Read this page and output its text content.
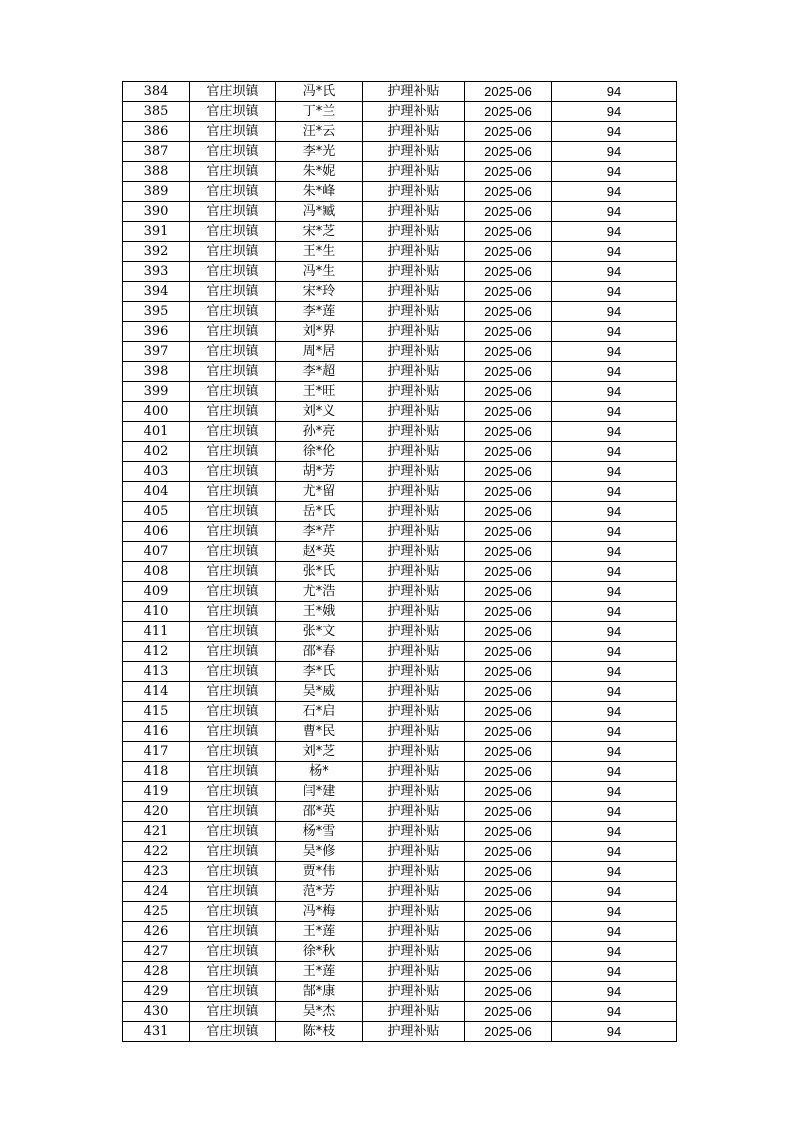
384	官庄坝镇	冯*氏	护理补贴	2025-06	94
385	官庄坝镇	丁*兰	护理补贴	2025-06	94
386	官庄坝镇	汪*云	护理补贴	2025-06	94
387	官庄坝镇	李*光	护理补贴	2025-06	94
388	官庄坝镇	朱*妮	护理补贴	2025-06	94
389	官庄坝镇	朱*峰	护理补贴	2025-06	94
390	官庄坝镇	冯*臧	护理补贴	2025-06	94
391	官庄坝镇	宋*芝	护理补贴	2025-06	94
392	官庄坝镇	王*生	护理补贴	2025-06	94
393	官庄坝镇	冯*生	护理补贴	2025-06	94
394	官庄坝镇	宋*玲	护理补贴	2025-06	94
395	官庄坝镇	李*莲	护理补贴	2025-06	94
396	官庄坝镇	刘*界	护理补贴	2025-06	94
397	官庄坝镇	周*居	护理补贴	2025-06	94
398	官庄坝镇	李*超	护理补贴	2025-06	94
399	官庄坝镇	王*旺	护理补贴	2025-06	94
400	官庄坝镇	刘*义	护理补贴	2025-06	94
401	官庄坝镇	孙*亮	护理补贴	2025-06	94
402	官庄坝镇	徐*伦	护理补贴	2025-06	94
403	官庄坝镇	胡*芳	护理补贴	2025-06	94
404	官庄坝镇	尤*留	护理补贴	2025-06	94
405	官庄坝镇	岳*氏	护理补贴	2025-06	94
406	官庄坝镇	李*芹	护理补贴	2025-06	94
407	官庄坝镇	赵*英	护理补贴	2025-06	94
408	官庄坝镇	张*氏	护理补贴	2025-06	94
409	官庄坝镇	尤*浩	护理补贴	2025-06	94
410	官庄坝镇	王*娥	护理补贴	2025-06	94
411	官庄坝镇	张*文	护理补贴	2025-06	94
412	官庄坝镇	邵*春	护理补贴	2025-06	94
413	官庄坝镇	李*氏	护理补贴	2025-06	94
414	官庄坝镇	吴*威	护理补贴	2025-06	94
415	官庄坝镇	石*启	护理补贴	2025-06	94
416	官庄坝镇	曹*民	护理补贴	2025-06	94
417	官庄坝镇	刘*芝	护理补贴	2025-06	94
418	官庄坝镇	杨*	护理补贴	2025-06	94
419	官庄坝镇	闫*建	护理补贴	2025-06	94
420	官庄坝镇	邵*英	护理补贴	2025-06	94
421	官庄坝镇	杨*雪	护理补贴	2025-06	94
422	官庄坝镇	吴*修	护理补贴	2025-06	94
423	官庄坝镇	贾*伟	护理补贴	2025-06	94
424	官庄坝镇	范*芳	护理补贴	2025-06	94
425	官庄坝镇	冯*梅	护理补贴	2025-06	94
426	官庄坝镇	王*莲	护理补贴	2025-06	94
427	官庄坝镇	徐*秋	护理补贴	2025-06	94
428	官庄坝镇	王*莲	护理补贴	2025-06	94
429	官庄坝镇	郜*康	护理补贴	2025-06	94
430	官庄坝镇	吴*杰	护理补贴	2025-06	94
431	官庄坝镇	陈*枝	护理补贴	2025-06	94
